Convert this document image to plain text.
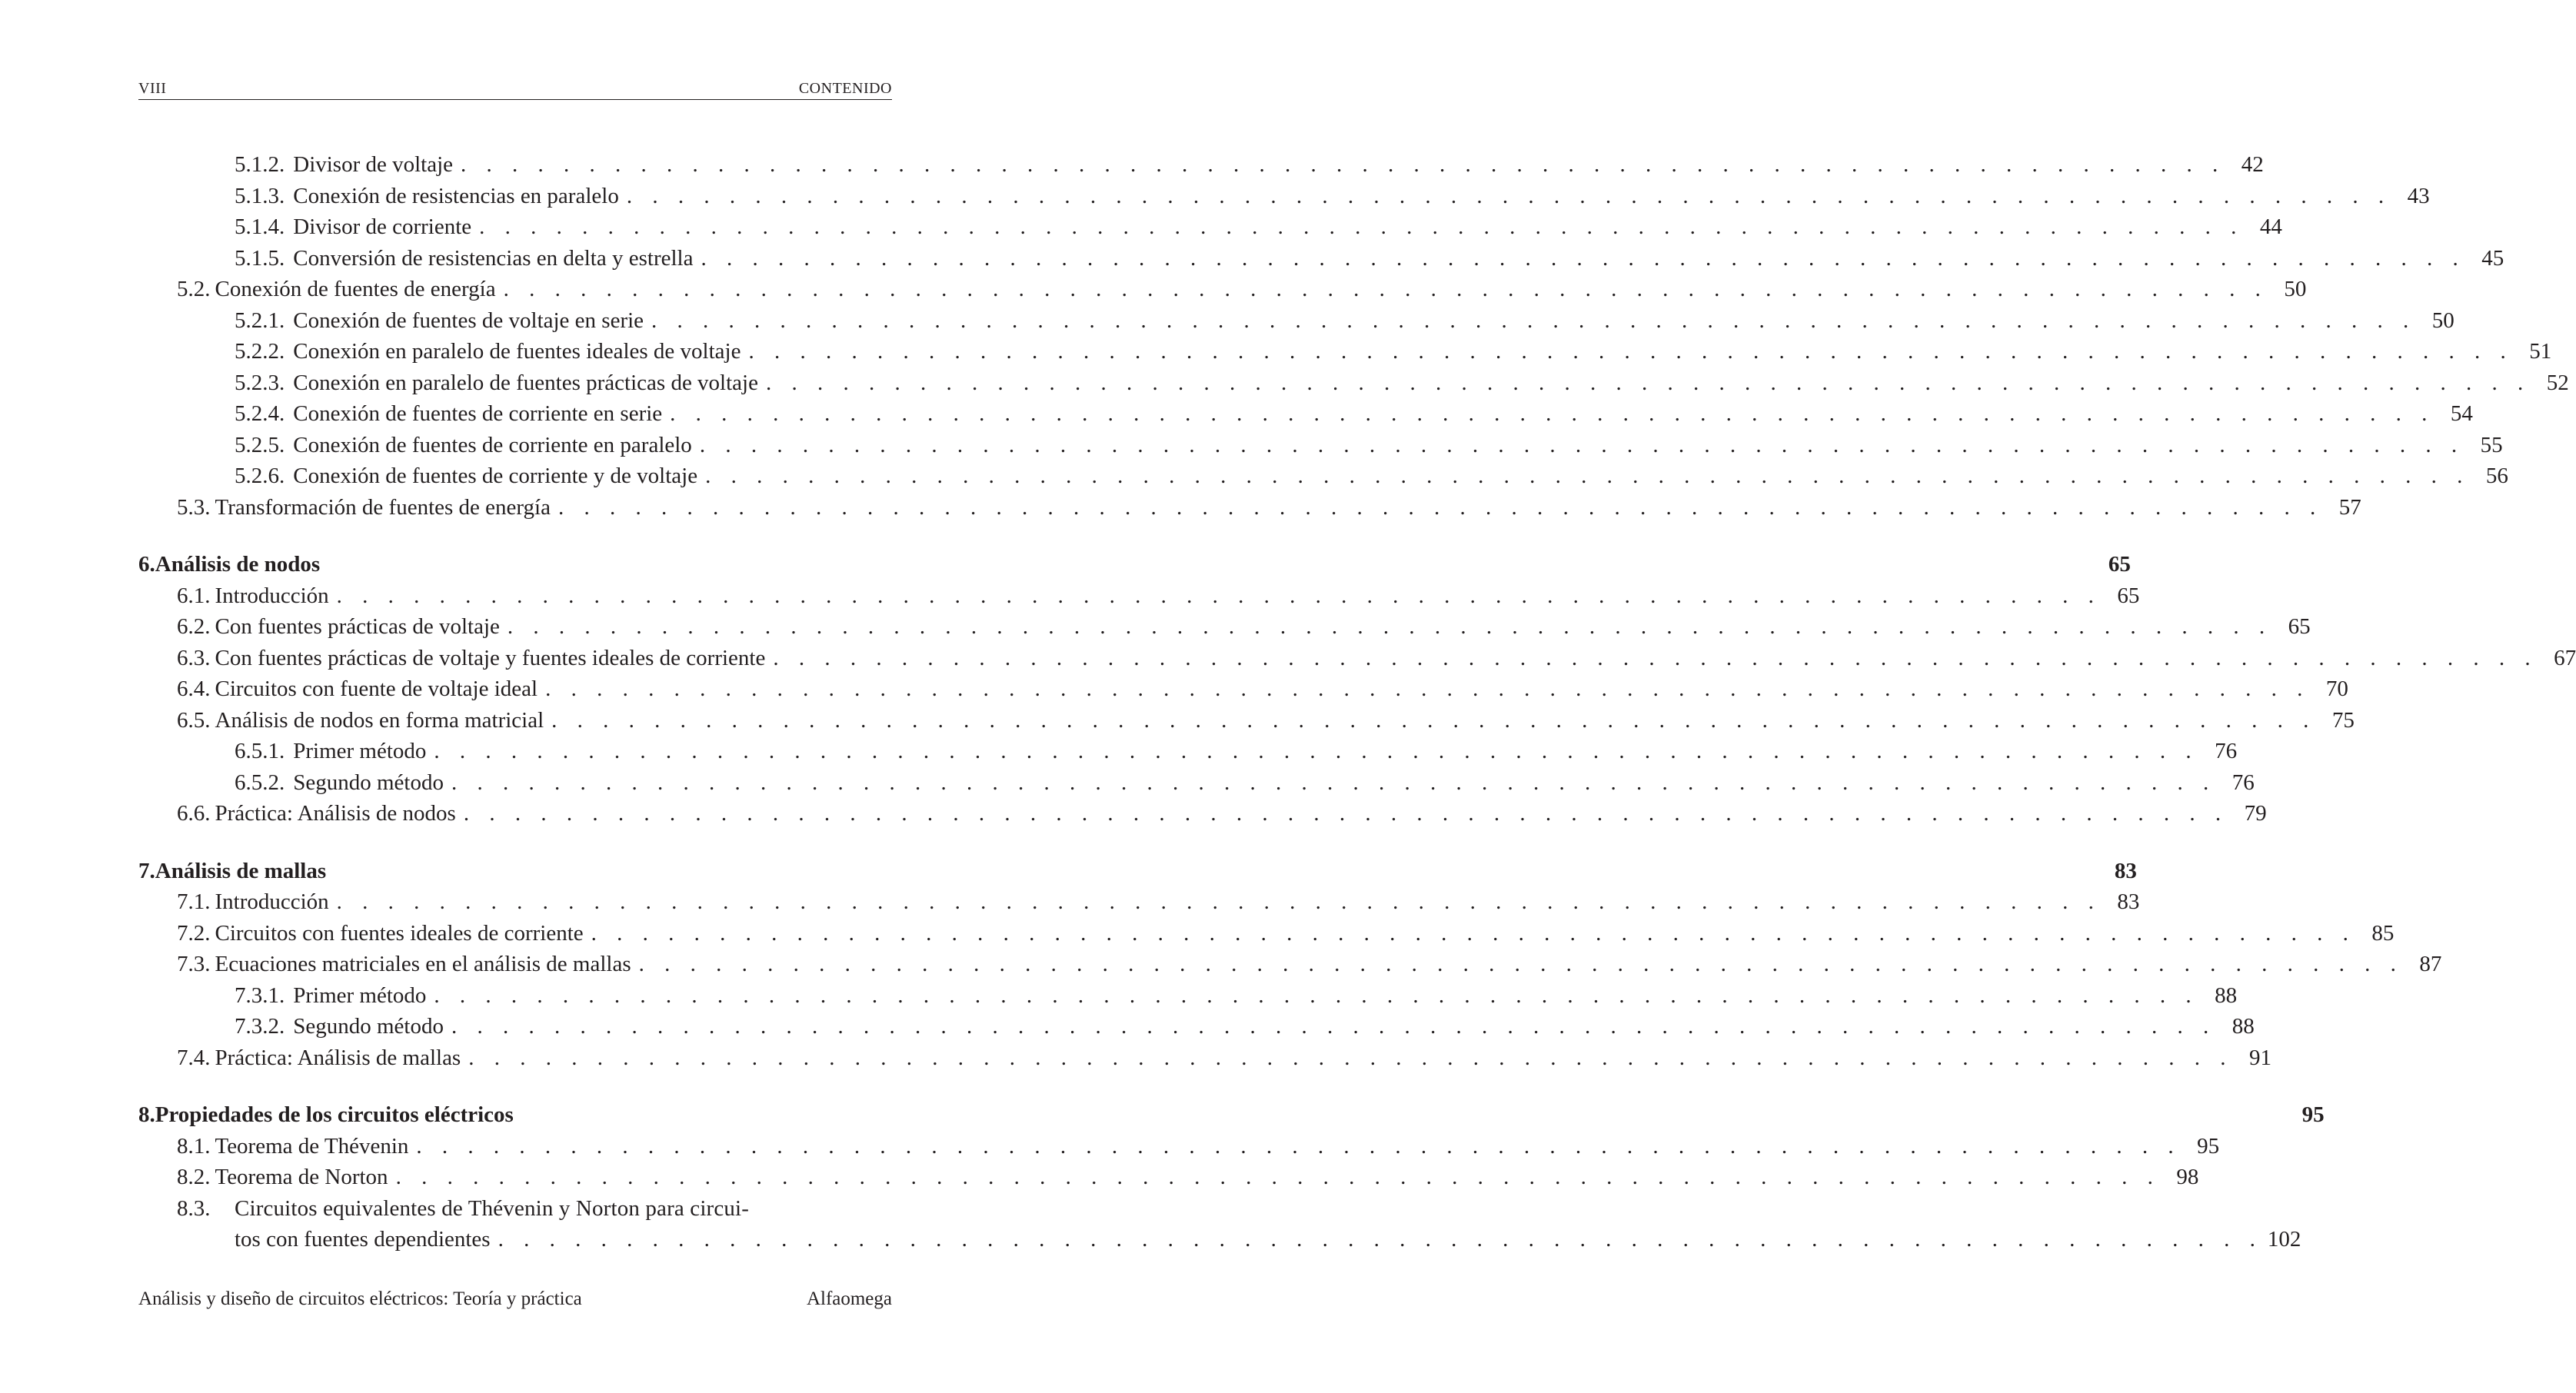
VIII	CONTENIDO
5.1.2. Divisor de voltaje . . . . . . . . . . . . . . . . . . . . . . . . . . . . . . . . . . . . . . . . . . . . . . . . . . . . . . . . . . . . . . . . . . . . . 42
5.1.3. Conexión de resistencias en paralelo . . . . . . . . . . . . . . . . . . . . . . . . . . . . . . . . . . . . . . . . . . . . . . . . . . . . . . . . . . . . . . . . . . . . . 43
5.1.4. Divisor de corriente . . . . . . . . . . . . . . . . . . . . . . . . . . . . . . . . . . . . . . . . . . . . . . . . . . . . . . . . . . . . . . . . . . . . . 44
5.1.5. Conversión de resistencias en delta y estrella . . . . . . . . . . . . . . . . . . . . . . . . . . . . . . . . . . . . . . . . . . . . . . . . . . . . . . . . . . . . . . . . . . . . . 45
5.2. Conexión de fuentes de energía . . . . . . . . . . . . . . . . . . . . . . . . . . . . . . . . . . . . . . . . . . . . . . . . . . . . . . . . . . . . . . . . . . . . . 50
5.2.1. Conexión de fuentes de voltaje en serie . . . . . . . . . . . . . . . . . . . . . . . . . . . . . . . . . . . . . . . . . . . . . . . . . . . . . . . . . . . . . . . . . . . . . 50
5.2.2. Conexión en paralelo de fuentes ideales de voltaje . . . . . . . . . . . . . . . . . . . . . . . . . . . . . . . . . . . . . . . . . . . . . . . . . . . . . . . . . . . . . . . . . . . . . 51
5.2.3. Conexión en paralelo de fuentes prácticas de voltaje . . . . . . . . . . . . . . . . . . . . . . . . . . . . . . . . . . . . . . . . . . . . . . . . . . . . . . . . . . . . . . . . . . . . . 52
5.2.4. Conexión de fuentes de corriente en serie . . . . . . . . . . . . . . . . . . . . . . . . . . . . . . . . . . . . . . . . . . . . . . . . . . . . . . . . . . . . . . . . . . . . . 54
5.2.5. Conexión de fuentes de corriente en paralelo . . . . . . . . . . . . . . . . . . . . . . . . . . . . . . . . . . . . . . . . . . . . . . . . . . . . . . . . . . . . . . . . . . . . . 55
5.2.6. Conexión de fuentes de corriente y de voltaje . . . . . . . . . . . . . . . . . . . . . . . . . . . . . . . . . . . . . . . . . . . . . . . . . . . . . . . . . . . . . . . . . . . . . 56
5.3. Transformación de fuentes de energía . . . . . . . . . . . . . . . . . . . . . . . . . . . . . . . . . . . . . . . . . . . . . . . . . . . . . . . . . . . . . . . . . . . . . 57
6. Análisis de nodos	65
6.1. Introducción . . . . . . . . . . . . . . . . . . . . . . . . . . . . . . . . . . . . . . . . . . . . . . . . . . . . . . . . . . . . . . . . . . . . . 65
6.2. Con fuentes prácticas de voltaje . . . . . . . . . . . . . . . . . . . . . . . . . . . . . . . . . . . . . . . . . . . . . . . . . . . . . . . . . . . . . . . . . . . . . 65
6.3. Con fuentes prácticas de voltaje y fuentes ideales de corriente . . . . . . . . . . . . . . . . . . . . . . . . . . . . . . . . . . . . . . . . . . . . . . . . . . . . . . . . . . . . . . . . . . . . . 67
6.4. Circuitos con fuente de voltaje ideal . . . . . . . . . . . . . . . . . . . . . . . . . . . . . . . . . . . . . . . . . . . . . . . . . . . . . . . . . . . . . . . . . . . . . 70
6.5. Análisis de nodos en forma matricial . . . . . . . . . . . . . . . . . . . . . . . . . . . . . . . . . . . . . . . . . . . . . . . . . . . . . . . . . . . . . . . . . . . . . 75
6.5.1. Primer método . . . . . . . . . . . . . . . . . . . . . . . . . . . . . . . . . . . . . . . . . . . . . . . . . . . . . . . . . . . . . . . . . . . . . 76
6.5.2. Segundo método . . . . . . . . . . . . . . . . . . . . . . . . . . . . . . . . . . . . . . . . . . . . . . . . . . . . . . . . . . . . . . . . . . . . . 76
6.6. Práctica: Análisis de nodos . . . . . . . . . . . . . . . . . . . . . . . . . . . . . . . . . . . . . . . . . . . . . . . . . . . . . . . . . . . . . . . . . . . . . 79
7. Análisis de mallas	83
7.1. Introducción . . . . . . . . . . . . . . . . . . . . . . . . . . . . . . . . . . . . . . . . . . . . . . . . . . . . . . . . . . . . . . . . . . . . . 83
7.2. Circuitos con fuentes ideales de corriente . . . . . . . . . . . . . . . . . . . . . . . . . . . . . . . . . . . . . . . . . . . . . . . . . . . . . . . . . . . . . . . . . . . . . 85
7.3. Ecuaciones matriciales en el análisis de mallas . . . . . . . . . . . . . . . . . . . . . . . . . . . . . . . . . . . . . . . . . . . . . . . . . . . . . . . . . . . . . . . . . . . . . 87
7.3.1. Primer método . . . . . . . . . . . . . . . . . . . . . . . . . . . . . . . . . . . . . . . . . . . . . . . . . . . . . . . . . . . . . . . . . . . . . 88
7.3.2. Segundo método . . . . . . . . . . . . . . . . . . . . . . . . . . . . . . . . . . . . . . . . . . . . . . . . . . . . . . . . . . . . . . . . . . . . . 88
7.4. Práctica: Análisis de mallas . . . . . . . . . . . . . . . . . . . . . . . . . . . . . . . . . . . . . . . . . . . . . . . . . . . . . . . . . . . . . . . . . . . . . 91
8. Propiedades de los circuitos eléctricos	95
8.1. Teorema de Thévenin . . . . . . . . . . . . . . . . . . . . . . . . . . . . . . . . . . . . . . . . . . . . . . . . . . . . . . . . . . . . . . . . . . . . . 95
8.2. Teorema de Norton . . . . . . . . . . . . . . . . . . . . . . . . . . . . . . . . . . . . . . . . . . . . . . . . . . . . . . . . . . . . . . . . . . . . . 98
8.3. Circuitos equivalentes de Thévenin y Norton para circui-
tos con fuentes dependientes . . . . . . . . . . . . . . . . . . . . . . . . . . . . . . . . . . . . . . . . . . . . . . . . . . . . . . . . . . . . . . . . . . . . . 102
Análisis y diseño de circuitos eléctricos: Teoría y práctica	Alfaomega
